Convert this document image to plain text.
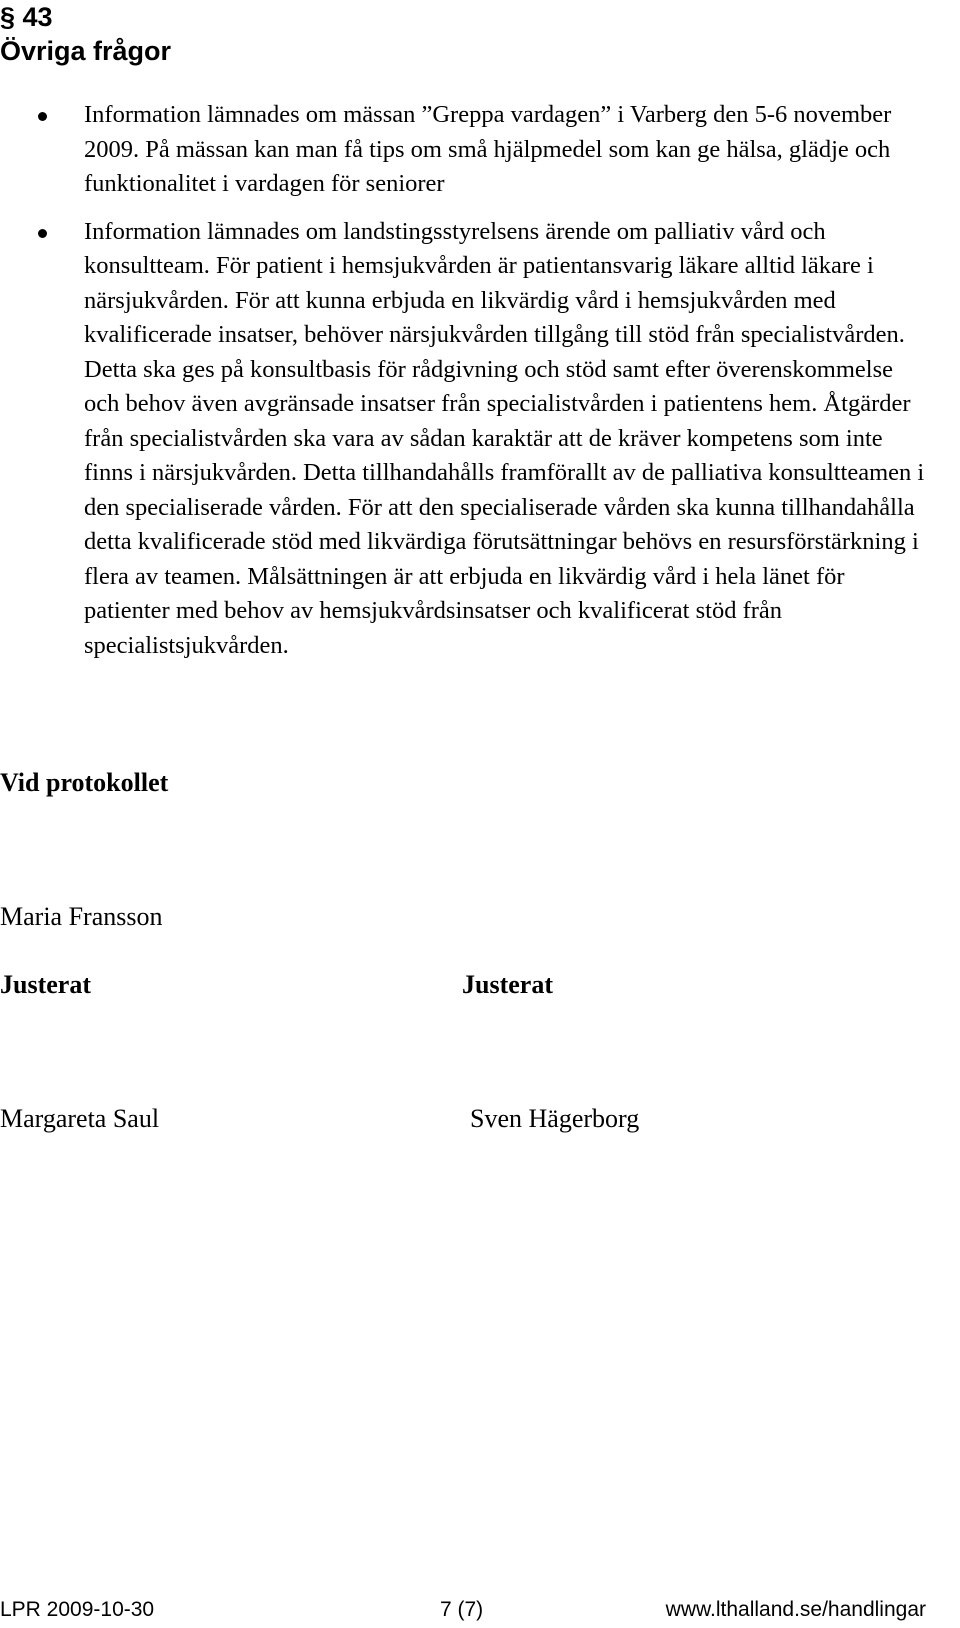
§ 43
Övriga frågor
Information lämnades om mässan ”Greppa vardagen” i Varberg den 5-6 november 2009. På mässan kan man få tips om små hjälpmedel som kan ge hälsa, glädje och funktionalitet i vardagen för seniorer
Information lämnades om landstingsstyrelsens ärende om palliativ vård och konsultteam. För patient i hemsjukvården är patientansvarig läkare alltid läkare i närsjukvården. För att kunna erbjuda en likvärdig vård i hemsjukvården med kvalificerade insatser, behöver närsjukvården tillgång till stöd från specialistvården. Detta ska ges på konsultbasis för rådgivning och stöd samt efter överenskommelse och behov även avgränsade insatser från specialistvården i patientens hem. Åtgärder från specialistvården ska vara av sådan karaktär att de kräver kompetens som inte finns i närsjukvården. Detta tillhandahålls framförallt av de palliativa konsultteamen i den specialiserade vården. För att den specialiserade vården ska kunna tillhandahålla detta kvalificerade stöd med likvärdiga förutsättningar behövs en resursförstärkning i flera av teamen. Målsättningen är att erbjuda en likvärdig vård i hela länet för patienter med behov av hemsjukvårdsinsatser och kvalificerat stöd från specialistsjukvården.
Vid protokollet
Maria Fransson
Justerat	Justerat
Margareta Saul	Sven Hägerborg
LPR 2009-10-30	7 (7)	www.lthalland.se/handlingar
